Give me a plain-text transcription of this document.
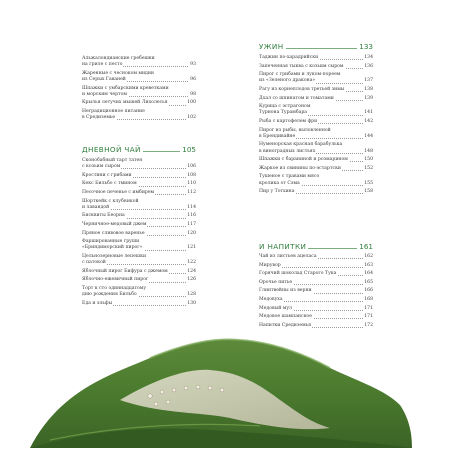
Альжалондианские гребешки
на гриле с песто	93
Жаренные с чесноком мидии
из Серых Гаваней	96
Шпажки с умбарскими креветками
и морским чертом	98
Крылья летучих мышей Лихолесья	100
Неградиционное питание
в Средиземье	102
ДНЕВНОЙ ЧАЙ	105
Сконобабный тарт татен
с козьим сыром	106
Кростини с грибами	108
Кекс Бильбо с тмином	110
Песочное печенье с имбирем	112
Шорткейк с клубникой
и лавандой	114
Бисквиты Беорна	116
Черничное-медовый джем	117
Пряное сливовое варенье	120
Фаршированные груши
«Бриндиморский пирог»	121
Цельнозерновые лепешки
с патокой	122
Яблочный пирог Бифура с джемом	124
Яблочно-ежевичный пирог	126
Торт к сто одиннадцатому
дню рождения Бильбо	128
Еда и эльфы	130
УЖИН	133
Таджин по-харадрийски	134
Запеченная тыква с козьим сыром	136
Пирог с грибами и луком-пореем
из «Зеленого дракона»	137
Рагу из корнеплодов третьей зимы	138
Дхал со шпинатом и томатами	139
Курица с эстрагоном
Турнона Турамбара	141
Рыба с картофелем фри	142
Пирог из рыбы, выловленной
в Брендивайне	144
Нуменорская красная барабулька
в виноградных листьях	148
Шпажки с бараниной и розмарином	150
Жаркое из свинины по-эстартски	152
Тушеное с травами мясо
кролика от Сэма	155
Пир у Тотхина	158
И НАПИТКИ	161
Чай из листьев ацеласа	162
Мирувор	163
Горячий шоколад Старого Тука	164
Орочье питье	165
Глинтвейны из верни	166
Медовуха	168
Медовый мул	171
Медовое шампанское	171
Напитки Средиземья	172
